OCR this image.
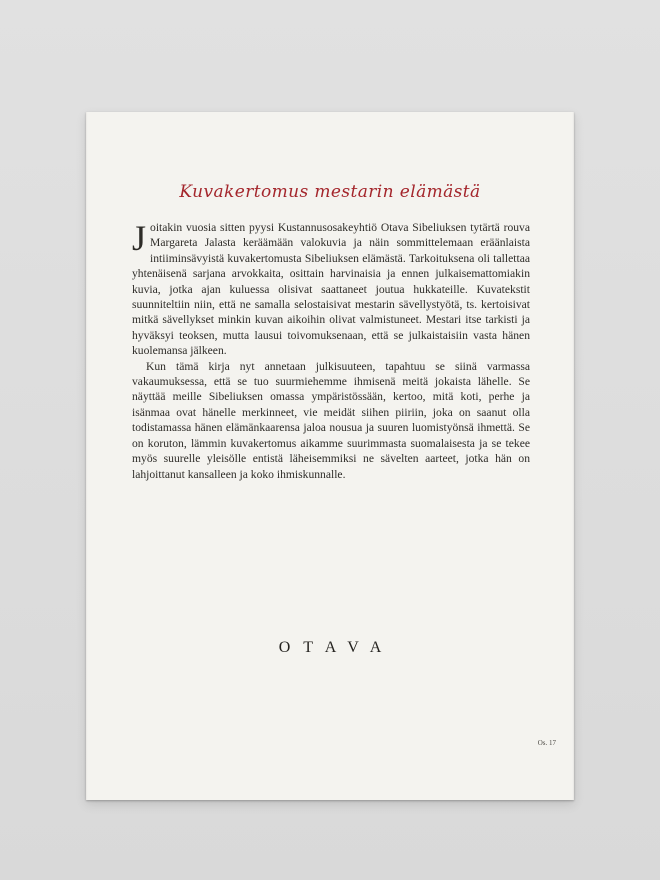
Kuvakertomus mestarin elämästä

Joitakin vuosia sitten pyysi Kustannusosakeyhtiö Otava Sibeliuksen tytärtä rouva Margareta Jalasta keräämään valokuvia ja näin sommittelemaan eräänlaista intiiminsävyistä kuvakertomusta Sibeliuksen elämästä. Tarkoituksena oli tallettaa yhtenäisenä sarjana arvokkaita, osittain harvinaisia ja ennen julkaisemattomiakin kuvia, jotka ajan kuluessa olisivat saattaneet joutua hukkateille. Kuvatekstit suunniteltiin niin, että ne samalla selostaisivat mestarin sävellystyötä, ts. kertoisivat mitkä sävellykset minkin kuvan aikoihin olivat valmistuneet. Mestari itse tarkisti ja hyväksyi teoksen, mutta lausui toivomuksenaan, että se julkaistaisiin vasta hänen kuolemansa jälkeen.

Kun tämä kirja nyt annetaan julkisuuteen, tapahtuu se siinä varmassa vakaumuksessa, että se tuo suurmiehemme ihmisenä meitä jokaista lähelle. Se näyttää meille Sibeliuksen omassa ympäristössään, kertoo, mitä koti, perhe ja isänmaa ovat hänelle merkinneet, vie meidät siihen piiriin, joka on saanut olla todistamassa hänen elämänkaarensa jaloa nousua ja suuren luomistyönsä ihmettä. Se on koruton, lämmin kuvakertomus aikamme suurimmasta suomalaisesta ja se tekee myös suurelle yleisölle entistä läheisemmiksi ne sävelten aarteet, jotka hän on lahjoittanut kansalleen ja koko ihmiskunnalle.

OTAVA
Os. 17
